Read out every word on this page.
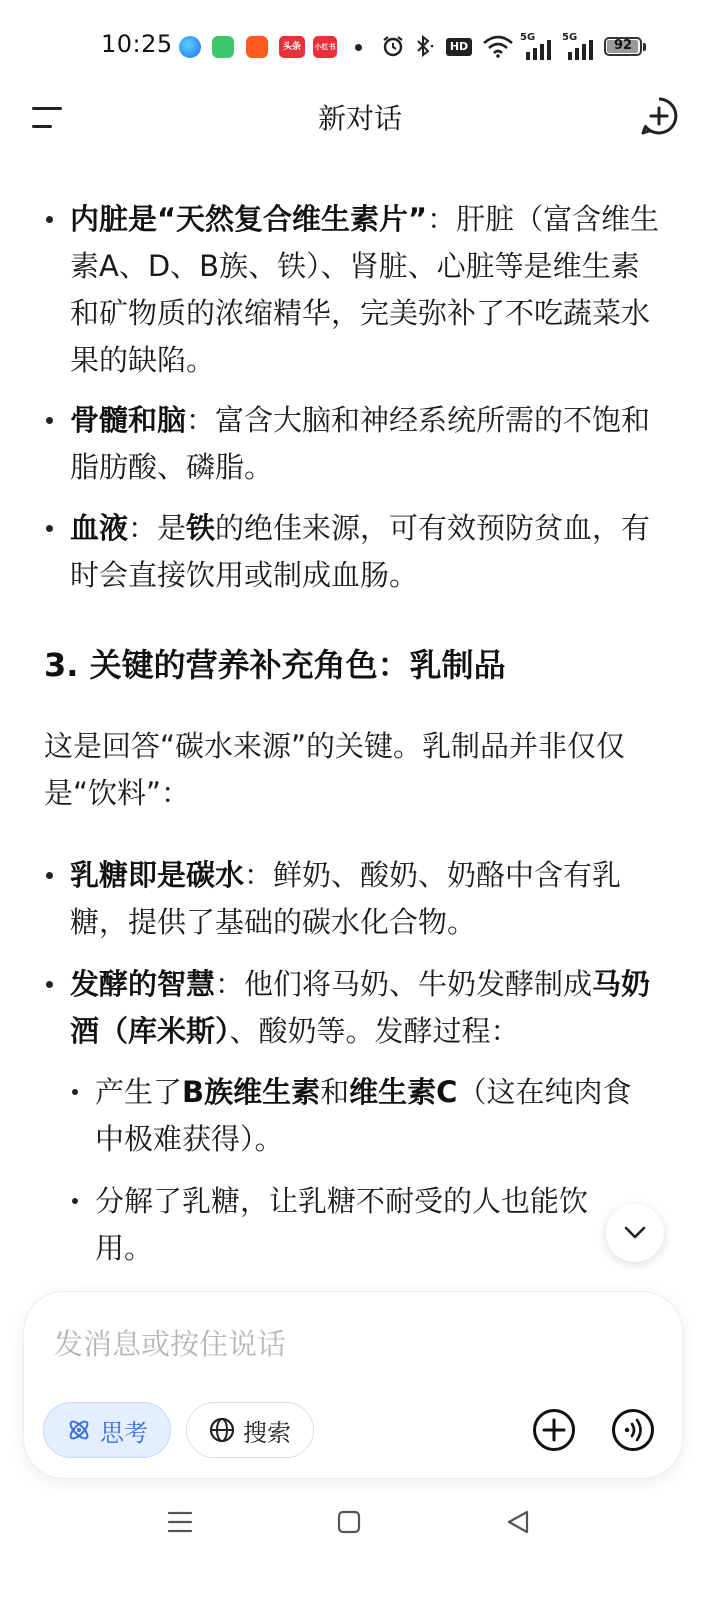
10:25	头条	小红书	HD
5G	5G
92
新对话
内脏是“天然复合维生素片”：肝脏（富含维生素A、D、B族、铁）、肾脏、心脏等是维生素和矿物质的浓缩精华，完美弥补了不吃蔬菜水果的缺陷。
骨髓和脑：富含大脑和神经系统所需的不饱和脂肪酸、磷脂。
血液：是铁的绝佳来源，可有效预防贫血，有时会直接饮用或制成血肠。
3. 关键的营养补充角色：乳制品
这是回答“碳水来源”的关键。乳制品并非仅仅是“饮料”：
乳糖即是碳水：鲜奶、酸奶、奶酪中含有乳糖，提供了基础的碳水化合物。
发酵的智慧：他们将马奶、牛奶发酵制成马奶酒（库米斯）、酸奶等。发酵过程：
产生了B族维生素和维生素C（这在纯肉食中极难获得）。
分解了乳糖，让乳糖不耐受的人也能饮用。
发消息或按住说话
思考	搜索
